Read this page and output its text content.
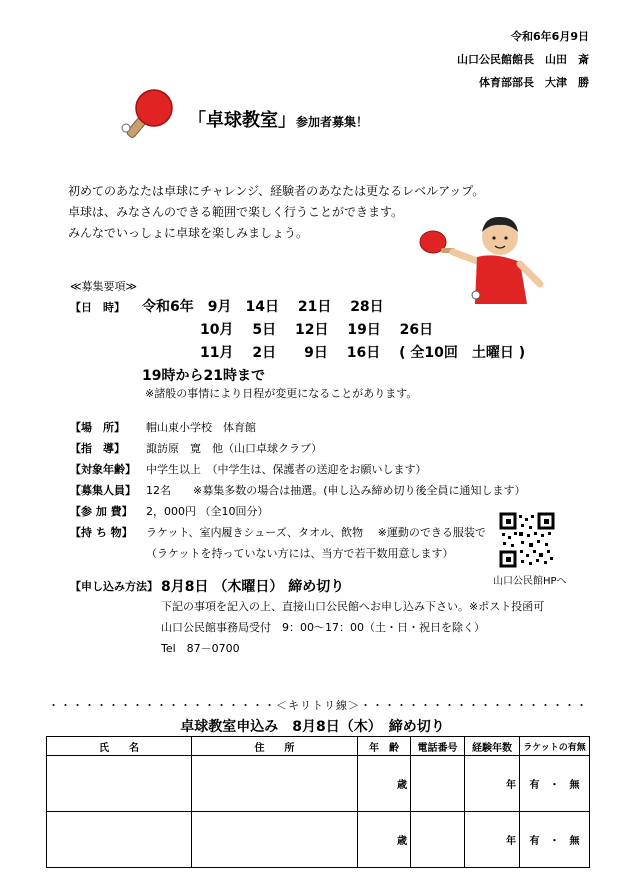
令和6年6月9日
山口公民館館長　山田　斎
体育部部長　大津　勝
「卓球教室」参加者募集！
初めてのあなたは卓球にチャレンジ、経験者のあなたは更なるレベルアップ。
卓球は、みなさんのできる範囲で楽しく行うことができます。
みんなでいっしょに卓球を楽しみましょう。
≪募集要項≫
【日　時】 令和6年　9月　14日　 21日　 28日
10月　 5日　 12日　 19日　 26日
11月　 2日　　9日　 16日　 ( 全10回　土曜日 )
19時から21時まで
※諸般の事情により日程が変更になることがあります。
【場　所】 帽山東小学校　体育館
【指　導】 諏訪原　寛　他（山口卓球クラブ）
【対象年齢】 中学生以上　（中学生は、保護者の送迎をお願いします）
【募集人員】 12名　　※募集多数の場合は抽選。(申し込み締め切り後全員に通知します）
【参 加 費】 2，000円 （全10回分）
【持 ち 物】 ラケット、室内履きシューズ、タオル、飲物　 ※運動のできる服装で
（ラケットを持っていない方には、当方で若干数用意します）
山口公民館HPへ
【申し込み方法】 8月8日 （木曜日） 締め切り
下記の事項を記入の上、直接山口公民館へお申し込み下さい。※ポスト投函可
山口公民館事務局受付　9：00～17：00（土・日・祝日を除く）
Tel　87－0700
・・・・・・・・・・・・・・・・・・・＜キリトリ線＞・・・・・・・・・・・・・・・・・・・
卓球教室申込み　8月8日（木）　締め切り
氏　　名	住　　所	年　齢	電話番号	経験年数	ラケットの有無
		歳		年	有　・　無
		歳		年	有　・　無
